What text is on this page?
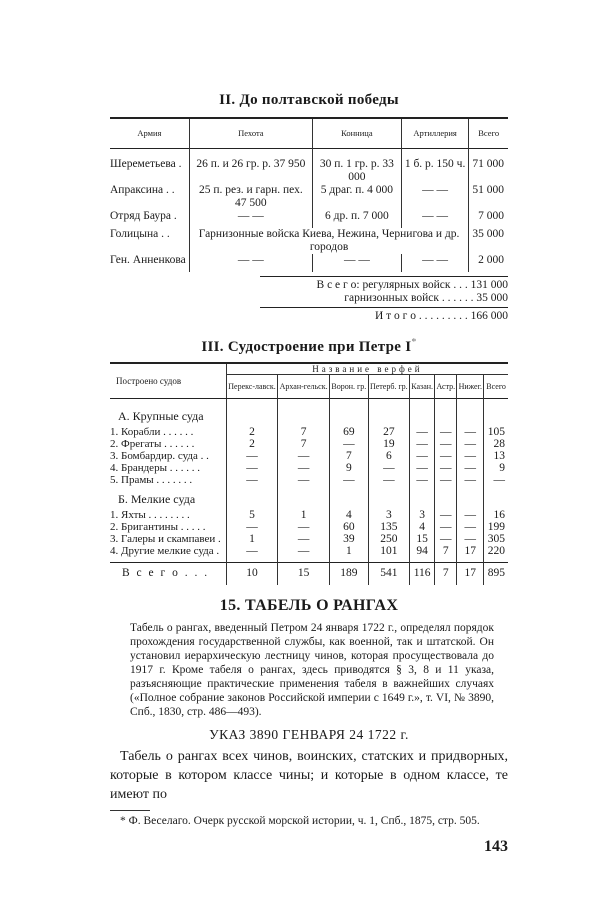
II. До полтавской победы
Армия	Пехота	Конница	Артиллерия	Всего

Шереметьева .	26 п. и 26 гр. р. 37 950	30 п. 1 гр. р. 33 000	1 б. р. 150 ч.	71 000
Апраксина . .	25 п. рез. и гарн. пех. 47 500	5 драг. п. 4 000	— —	51 000
Отряд Баура .	— —	6 др. п. 7 000	— —	7 000
Голицына . .	Гарнизонные войска Киева, Нежина, Чернигова и др. городов			35 000
Ген. Анненкова	— —	— —	— —	2 000
В с е г о: регулярных войск . . . 131 000
гарнизонных войск . . . . . . 35 000
И т о г о . . . . . . . . . 166 000
III. Судостроение при Петре I*
Построено судов	Название верфей							
	Перекс-лавск.	Архан-гельск.	Ворон. гр.	Петерб. гр.	Казан.	Астр.	Нижег.	Всего

А. Крупные суда								
1. Корабли . . . . . .	2	7	69	27	—	—	—	105
2. Фрегаты . . . . . .	2	7	—	19	—	—	—	28
3. Бомбардир. суда . .	—	—	7	6	—	—	—	13
4. Брандеры . . . . . .	—	—	9	—	—	—	—	9
5. Прамы . . . . . . .	—	—	—	—	—	—	—	—

Б. Мелкие суда								
1. Яхты . . . . . . . .	5	1	4	3	3	—	—	16
2. Бригантины . . . . .	—	—	60	135	4	—	—	199
3. Галеры и скампавеи .	1	—	39	250	15	—	—	305
4. Другие мелкие суда .	—	—	1	101	94	7	17	220

В с е г о . . .	10	15	189	541	116	7	17	895
15. ТАБЕЛЬ О РАНГАХ

Табель о рангах, введенный Петром 24 января 1722 г., определял порядок прохождения государственной службы, как военной, так и штатской. Он установил иерархическую лестницу чинов, которая просуществовала до 1917 г. Кроме табеля о рангах, здесь приводятся § 3, 8 и 11 указа, разъясняющие практические применения табеля в важнейших случаях («Полное собрание законов Российской империи с 1649 г.», т. VI, № 3890, Спб., 1830, стр. 486—493).

УКАЗ 3890 ГЕНВАРЯ 24 1722 г.

Табель о рангах всех чинов, воинских, статских и придворных, которые в котором классе чины; и которые в одном классе, те имеют по

* Ф. Веселаго. Очерк русской морской истории, ч. 1, Спб., 1875, стр. 505.
143
